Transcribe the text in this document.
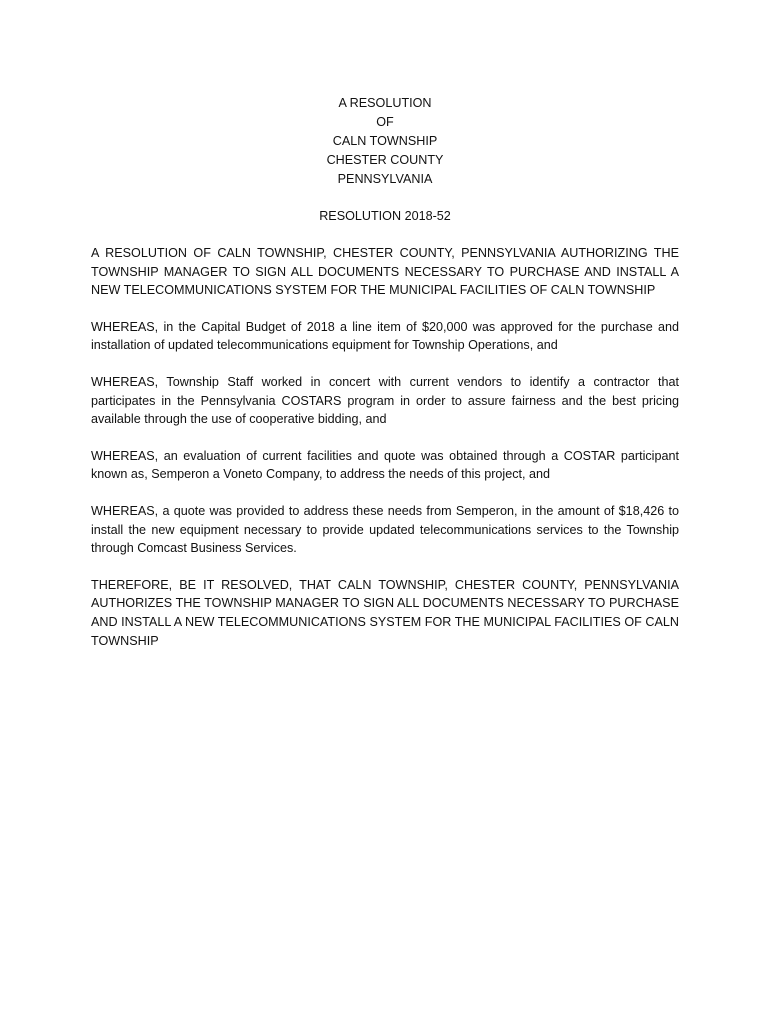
A RESOLUTION
OF
CALN TOWNSHIP
CHESTER COUNTY
PENNSYLVANIA
RESOLUTION 2018-52

A RESOLUTION OF CALN TOWNSHIP, CHESTER COUNTY, PENNSYLVANIA AUTHORIZING THE TOWNSHIP MANAGER TO SIGN ALL DOCUMENTS NECESSARY TO PURCHASE AND INSTALL A NEW TELECOMMUNICATIONS SYSTEM FOR THE MUNICIPAL FACILITIES OF CALN TOWNSHIP

WHEREAS, in the Capital Budget of 2018 a line item of $20,000 was approved for the purchase and installation of updated telecommunications equipment for Township Operations, and

WHEREAS, Township Staff worked in concert with current vendors to identify a contractor that participates in the Pennsylvania COSTARS program in order to assure fairness and the best pricing available through the use of cooperative bidding, and

WHEREAS, an evaluation of current facilities and quote was obtained through a COSTAR participant known as, Semperon a Voneto Company, to address the needs of this project, and

WHEREAS, a quote was provided to address these needs from Semperon, in the amount of $18,426 to install the new equipment necessary to provide updated telecommunications services to the Township through Comcast Business Services.

THEREFORE, BE IT RESOLVED, THAT CALN TOWNSHIP, CHESTER COUNTY, PENNSYLVANIA AUTHORIZES THE TOWNSHIP MANAGER TO SIGN ALL DOCUMENTS NECESSARY TO PURCHASE AND INSTALL A NEW TELECOMMUNICATIONS SYSTEM FOR THE MUNICIPAL FACILITIES OF CALN TOWNSHIP
